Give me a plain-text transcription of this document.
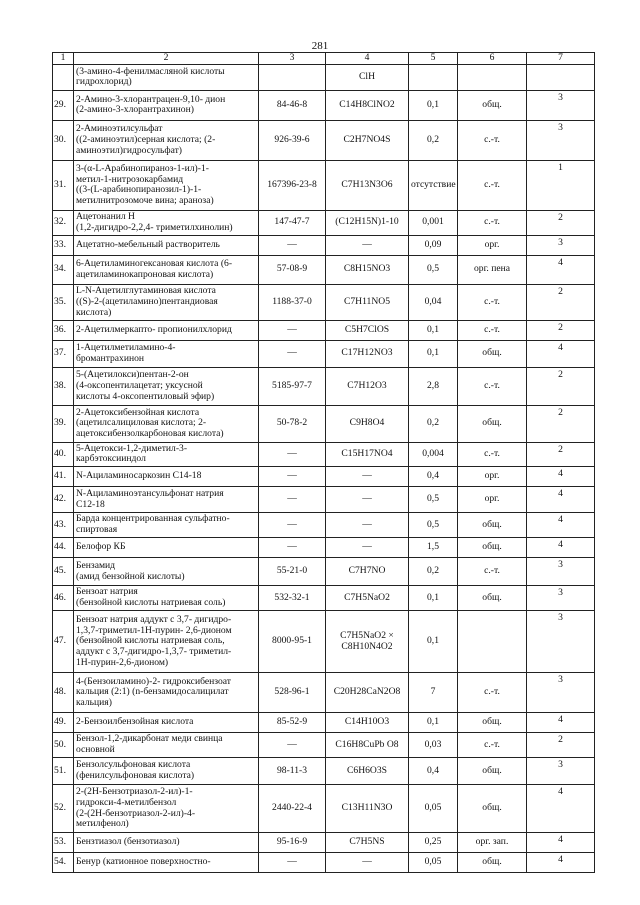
281
1	2	3	4	5	6	7

	(3-амино-4-фенилмасляной кислоты
гидрохлорид)		ClH			
29.	2-Амино-3-хлорантрацен-9,10- дион
(2-амино-3-хлорантрахинон)	84-46-8	C14H8ClNO2	0,1	общ.	3
30.	2-Аминоэтилсульфат
((2-аминоэтил)серная кислота; (2-
аминоэтил)гидросульфат)	926-39-6	C2H7NO4S	0,2	с.-т.	3
31.	3-(α-L-Арабинопираноз-1-ил)-1-
метил-1-нитрозокарбамид
((3-(L-арабинопиранозил-1)-1-
метилнитрозомоче вина; араноза)	167396-23-8	C7H13N3O6	отсутствие	с.-т.	1
32.	Ацетонанил Н
(1,2-дигидро-2,2,4- триметилхинолин)	147-47-7	(C12H15N)1-10	0,001	с.-т.	2
33.	Ацетатно-мебельный растворитель	—	—	0,09	орг.	3
34.	6-Ацетиламиногексановая кислота (6-
ацетиламинокапроновая кислота)	57-08-9	C8H15NO3	0,5	орг. пена	4
35.	L-N-Ацетилглутаминовая кислота
((S)-2-(ацетиламино)пентандиовая
кислота)	1188-37-0	C7H11NO5	0,04	с.-т.	2
36.	2-Ацетилмеркапто- пропионилхлорид	—	C5H7ClOS	0,1	с.-т.	2
37.	1-Ацетилметиламино-4-
бромантрахинон	—	C17H12NO3	0,1	общ.	4
38.	5-(Ацетилокси)пентан-2-он
(4-оксопентилацетат; уксусной
кислоты 4-оксопентиловый эфир)	5185-97-7	C7H12O3	2,8	с.-т.	2
39.	2-Ацетоксибензойная кислота
(ацетилсалициловая кислота; 2-
ацетоксибензолкарбоновая кислота)	50-78-2	C9H8O4	0,2	общ.	2
40.	5-Ацетокси-1,2-диметил-3-
карбэтоксииндол	—	C15H17NO4	0,004	с.-т.	2
41.	N-Ациламиносаркозин С14-18	—	—	0,4	орг.	4
42.	N-Ациламиноэтансульфонат натрия
С12-18	—	—	0,5	орг.	4
43.	Барда концентрированная сульфатно-
спиртовая	—	—	0,5	общ.	4
44.	Белофор КБ	—	—	1,5	общ.	4
45.	Бензамид
(амид бензойной кислоты)	55-21-0	C7H7NO	0,2	с.-т.	3
46.	Бензоат натрия
(бензойной кислоты натриевая соль)	532-32-1	C7H5NaO2	0,1	общ.	3
47.	Бензоат натрия аддукт с 3,7- дигидро-
1,3,7-триметил-1Н-пурин- 2,6-дионом
(бензойной кислоты натриевая соль,
аддукт с 3,7-дигидро-1,3,7- триметил-
1Н-пурин-2,6-дионом)	8000-95-1	C7H5NaO2 × C8H10N4O2	0,1		3
48.	4-(Бензоиламино)-2- гидроксибензоат
кальция (2:1) (n-бензамидосалицилат
кальция)	528-96-1	C20H28CaN2O8	7	с.-т.	3
49.	2-Бензоилбензойная кислота	85-52-9	C14H10O3	0,1	общ.	4
50.	Бензол-1,2-дикарбонат меди свинца
основной	—	C16H8CuPb O8	0,03	с.-т.	2
51.	Бензолсульфоновая кислота
(фенилсульфоновая кислота)	98-11-3	C6H6O3S	0,4	общ.	3
52.	2-(2Н-Бензотриазол-2-ил)-1-
гидрокси-4-метилбензол
(2-(2Н-бензотриазол-2-ил)-4-
метилфенол)	2440-22-4	C13H11N3O	0,05	общ.	4
53.	Бензтиазол (бензотиазол)	95-16-9	C7H5NS	0,25	орг. зап.	4
54.	Бенур (катионное поверхностно-	—	—	0,05	общ.	4
